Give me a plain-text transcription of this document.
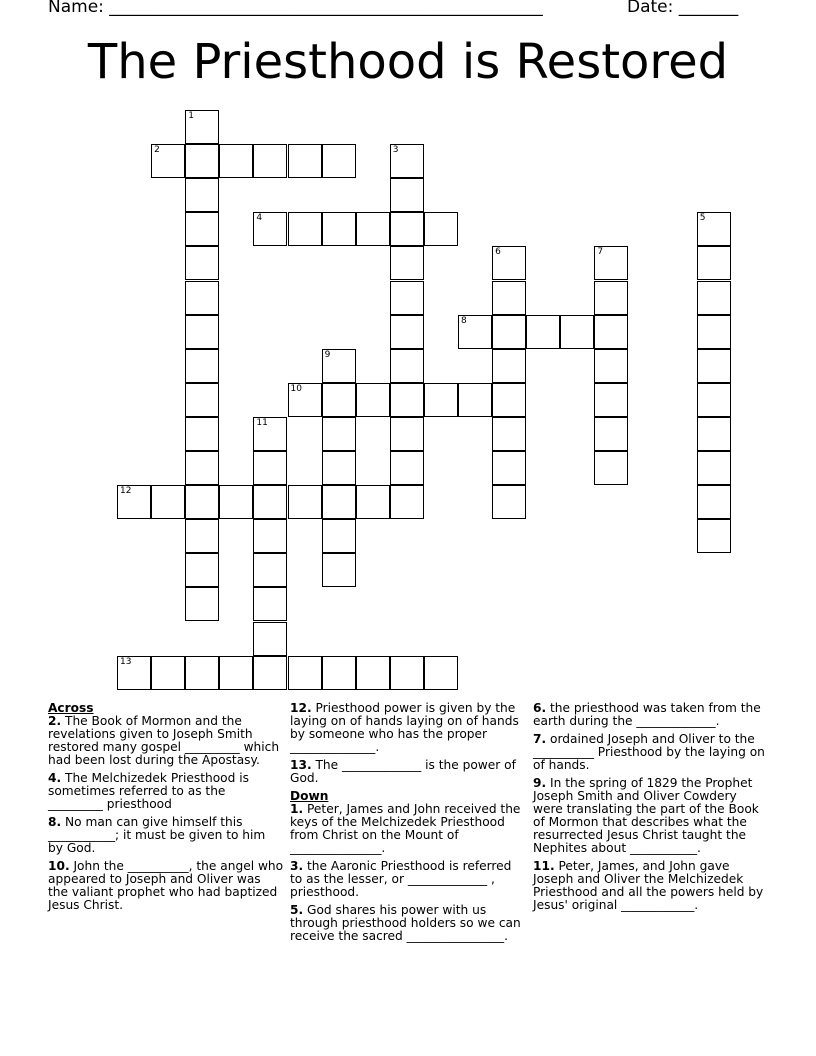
Name: ___________________________________________________	Date: _______
The Priesthood is Restored
1
2	3
4	5
6	7
8
9
10
11
12
13

Across

2. The Book of Mormon and the revelations given to Joseph Smith restored many gospel _________ which had been lost during the Apostasy.

4. The Melchizedek Priesthood is sometimes referred to as the _________ priesthood

8. No man can give himself this ___________; it must be given to him by God.

10. John the __________, the angel who appeared to Joseph and Oliver was the valiant prophet who had baptized Jesus Christ.

12. Priesthood power is given by the laying on of hands laying on of hands by someone who has the proper ______________.

13. The _____________ is the power of God.

Down

1. Peter, James and John received the keys of the Melchizedek Priesthood from Christ on the Mount of _______________.

3. the Aaronic Priesthood is referred to as the lesser, or _____________ , priesthood.

5. God shares his power with us through priesthood holders so we can receive the sacred ________________.

6. the priesthood was taken from the earth during the _____________.

7. ordained Joseph and Oliver to the __________ Priesthood by the laying on of hands.

9. In the spring of 1829 the Prophet Joseph Smith and Oliver Cowdery were translating the part of the Book of Mormon that describes what the resurrected Jesus Christ taught the Nephites about ___________.

11. Peter, James, and John gave Joseph and Oliver the Melchizedek Priesthood and all the powers held by Jesus' original ____________.
